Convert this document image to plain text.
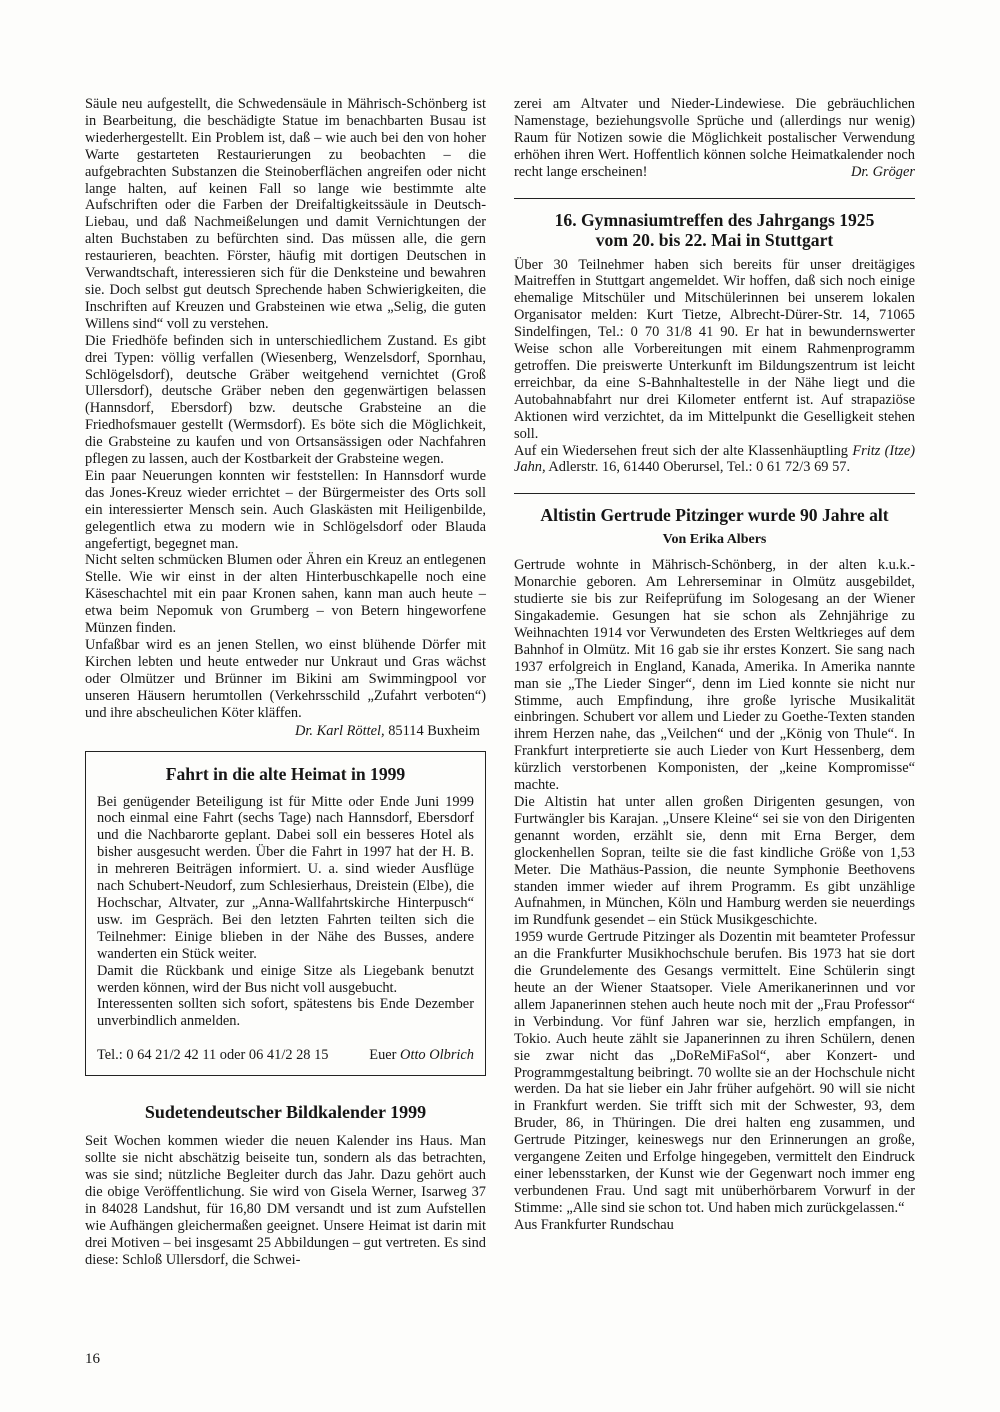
Säule neu aufgestellt, die Schwedensäule in Mährisch-Schönberg ist in Bearbeitung, die beschädigte Statue im benachbarten Busau ist wiederhergestellt. Ein Problem ist, daß – wie auch bei den von hoher Warte gestarteten Restaurierungen zu beobachten – die aufgebrachten Substanzen die Steinoberflächen angreifen oder nicht lange halten, auf keinen Fall so lange wie bestimmte alte Aufschriften oder die Farben der Dreifaltigkeitssäule in Deutsch-Liebau, und daß Nachmeißelungen und damit Vernichtungen der alten Buchstaben zu befürchten sind. Das müssen alle, die gern restaurieren, beachten. Förster, häufig mit dortigen Deutschen in Verwandtschaft, interessieren sich für die Denksteine und bewahren sie. Doch selbst gut deutsch Sprechende haben Schwierigkeiten, die Inschriften auf Kreuzen und Grabsteinen wie etwa „Selig, die guten Willens sind“ voll zu verstehen.

Die Friedhöfe befinden sich in unterschiedlichem Zustand. Es gibt drei Typen: völlig verfallen (Wiesenberg, Wenzelsdorf, Spornhau, Schlögelsdorf), deutsche Gräber weitgehend vernichtet (Groß Ullersdorf), deutsche Gräber neben den gegenwärtigen belassen (Hannsdorf, Ebersdorf) bzw. deutsche Grabsteine an die Friedhofsmauer gestellt (Wermsdorf). Es böte sich die Möglichkeit, die Grabsteine zu kaufen und von Ortsansässigen oder Nachfahren pflegen zu lassen, auch der Kostbarkeit der Grabsteine wegen.

Ein paar Neuerungen konnten wir feststellen: In Hannsdorf wurde das Jones-Kreuz wieder errichtet – der Bürgermeister des Orts soll ein interessierter Mensch sein. Auch Glaskästen mit Heiligenbilde, gelegentlich etwa zu modern wie in Schlögelsdorf oder Blauda angefertigt, begegnet man.

Nicht selten schmücken Blumen oder Ähren ein Kreuz an entlegenen Stelle. Wie wir einst in der alten Hinterbuschkapelle noch eine Käseschachtel mit ein paar Kronen sahen, kann man auch heute – etwa beim Nepomuk von Grumberg – von Betern hingeworfene Münzen finden.

Unfaßbar wird es an jenen Stellen, wo einst blühende Dörfer mit Kirchen lebten und heute entweder nur Unkraut und Gras wächst oder Olmützer und Brünner im Bikini am Swimmingpool vor unseren Häusern herumtollen (Verkehrsschild „Zufahrt verboten“) und ihre abscheulichen Köter kläffen.

Dr. Karl Röttel, 85114 Buxheim

Fahrt in die alte Heimat in 1999

Bei genügender Beteiligung ist für Mitte oder Ende Juni 1999 noch einmal eine Fahrt (sechs Tage) nach Hannsdorf, Ebersdorf und die Nachbarorte geplant. Dabei soll ein besseres Hotel als bisher ausgesucht werden. Über die Fahrt in 1997 hat der H. B. in mehreren Beiträgen informiert. U. a. sind wieder Ausflüge nach Schubert-Neudorf, zum Schlesierhaus, Dreistein (Elbe), die Hochschar, Altvater, zur „Anna-Wallfahrtskirche Hinterpusch“ usw. im Gespräch. Bei den letzten Fahrten teilten sich die Teilnehmer: Einige blieben in der Nähe des Busses, andere wanderten ein Stück weiter.

Damit die Rückbank und einige Sitze als Liegebank benutzt werden können, wird der Bus nicht voll ausgebucht.

Interessenten sollten sich sofort, spätestens bis Ende Dezember unverbindlich anmelden.

Tel.: 0 64 21/2 42 11 oder 06 41/2 28 15	Euer Otto Olbrich
Sudetendeutscher Bildkalender 1999

Seit Wochen kommen wieder die neuen Kalender ins Haus. Man sollte sie nicht abschätzig beiseite tun, sondern als das betrachten, was sie sind; nützliche Begleiter durch das Jahr. Dazu gehört auch die obige Veröffentlichung. Sie wird von Gisela Werner, Isarweg 37 in 84028 Landshut, für 16,80 DM versandt und ist zum Aufstellen wie Aufhängen gleichermaßen geeignet. Unsere Heimat ist darin mit drei Motiven – bei insgesamt 25 Abbildungen – gut vertreten. Es sind diese: Schloß Ullersdorf, die Schwei-

zerei am Altvater und Nieder-Lindewiese. Die gebräuchlichen Namenstage, beziehungsvolle Sprüche und (allerdings nur wenig) Raum für Notizen sowie die Möglichkeit postalischer Verwendung erhöhen ihren Wert. Hoffentlich können solche Heimatkalender noch recht lange erscheinen!	Dr. Gröger

16. Gymnasiumtreffen des Jahrgangs 1925
vom 20. bis 22. Mai in Stuttgart

Über 30 Teilnehmer haben sich bereits für unser dreitägiges Maitreffen in Stuttgart angemeldet. Wir hoffen, daß sich noch einige ehemalige Mitschüler und Mitschülerinnen bei unserem lokalen Organisator melden: Kurt Tietze, Albrecht-Dürer-Str. 14, 71065 Sindelfingen, Tel.: 0 70 31/8 41 90. Er hat in bewundernswerter Weise schon alle Vorbereitungen mit einem Rahmenprogramm getroffen. Die preiswerte Unterkunft im Bildungszentrum ist leicht erreichbar, da eine S-Bahnhaltestelle in der Nähe liegt und die Autobahnabfahrt nur drei Kilometer entfernt ist. Auf strapaziöse Aktionen wird verzichtet, da im Mittelpunkt die Geselligkeit stehen soll.

Auf ein Wiedersehen freut sich der alte Klassenhäuptling Fritz (Itze) Jahn, Adlerstr. 16, 61440 Oberursel, Tel.: 0 61 72/3 69 57.

Altistin Gertrude Pitzinger wurde 90 Jahre alt
Von Erika Albers

Gertrude wohnte in Mährisch-Schönberg, in der alten k.u.k.-Monarchie geboren. Am Lehrerseminar in Olmütz ausgebildet, studierte sie bis zur Reifeprüfung im Sologesang an der Wiener Singakademie. Gesungen hat sie schon als Zehnjährige zu Weihnachten 1914 vor Verwundeten des Ersten Weltkrieges auf dem Bahnhof in Olmütz. Mit 16 gab sie ihr erstes Konzert. Sie sang nach 1937 erfolgreich in England, Kanada, Amerika. In Amerika nannte man sie „The Lieder Singer“, denn im Lied konnte sie nicht nur Stimme, auch Empfindung, ihre große lyrische Musikalität einbringen. Schubert vor allem und Lieder zu Goethe-Texten standen ihrem Herzen nahe, das „Veilchen“ und der „König von Thule“. In Frankfurt interpretierte sie auch Lieder von Kurt Hessenberg, dem kürzlich verstorbenen Komponisten, der „keine Kompromisse“ machte.

Die Altistin hat unter allen großen Dirigenten gesungen, von Furtwängler bis Karajan. „Unsere Kleine“ sei sie von den Dirigenten genannt worden, erzählt sie, denn mit Erna Berger, dem glockenhellen Sopran, teilte sie die fast kindliche Größe von 1,53 Meter. Die Mathäus-Passion, die neunte Symphonie Beethovens standen immer wieder auf ihrem Programm. Es gibt unzählige Aufnahmen, in München, Köln und Hamburg werden sie neuerdings im Rundfunk gesendet – ein Stück Musikgeschichte.

1959 wurde Gertrude Pitzinger als Dozentin mit beamteter Professur an die Frankfurter Musikhochschule berufen. Bis 1973 hat sie dort die Grundelemente des Gesangs vermittelt. Eine Schülerin singt heute an der Wiener Staatsoper. Viele Amerikanerinnen und vor allem Japanerinnen stehen auch heute noch mit der „Frau Professor“ in Verbindung. Vor fünf Jahren war sie, herzlich empfangen, in Tokio. Auch heute zählt sie Japanerinnen zu ihren Schülern, denen sie zwar nicht das „DoReMiFaSol“, aber Konzert- und Programmgestaltung beibringt. 70 wollte sie an der Hochschule nicht werden. Da hat sie lieber ein Jahr früher aufgehört. 90 will sie nicht in Frankfurt werden. Sie trifft sich mit der Schwester, 93, dem Bruder, 86, in Thüringen. Die drei halten eng zusammen, und Gertrude Pitzinger, keineswegs nur den Erinnerungen an große, vergangene Zeiten und Erfolge hingegeben, vermittelt den Eindruck einer lebensstarken, der Kunst wie der Gegenwart noch immer eng verbundenen Frau. Und sagt mit unüberhörbarem Vorwurf in der Stimme: „Alle sind sie schon tot. Und haben mich zurückgelassen.“

Aus Frankfurter Rundschau

16
